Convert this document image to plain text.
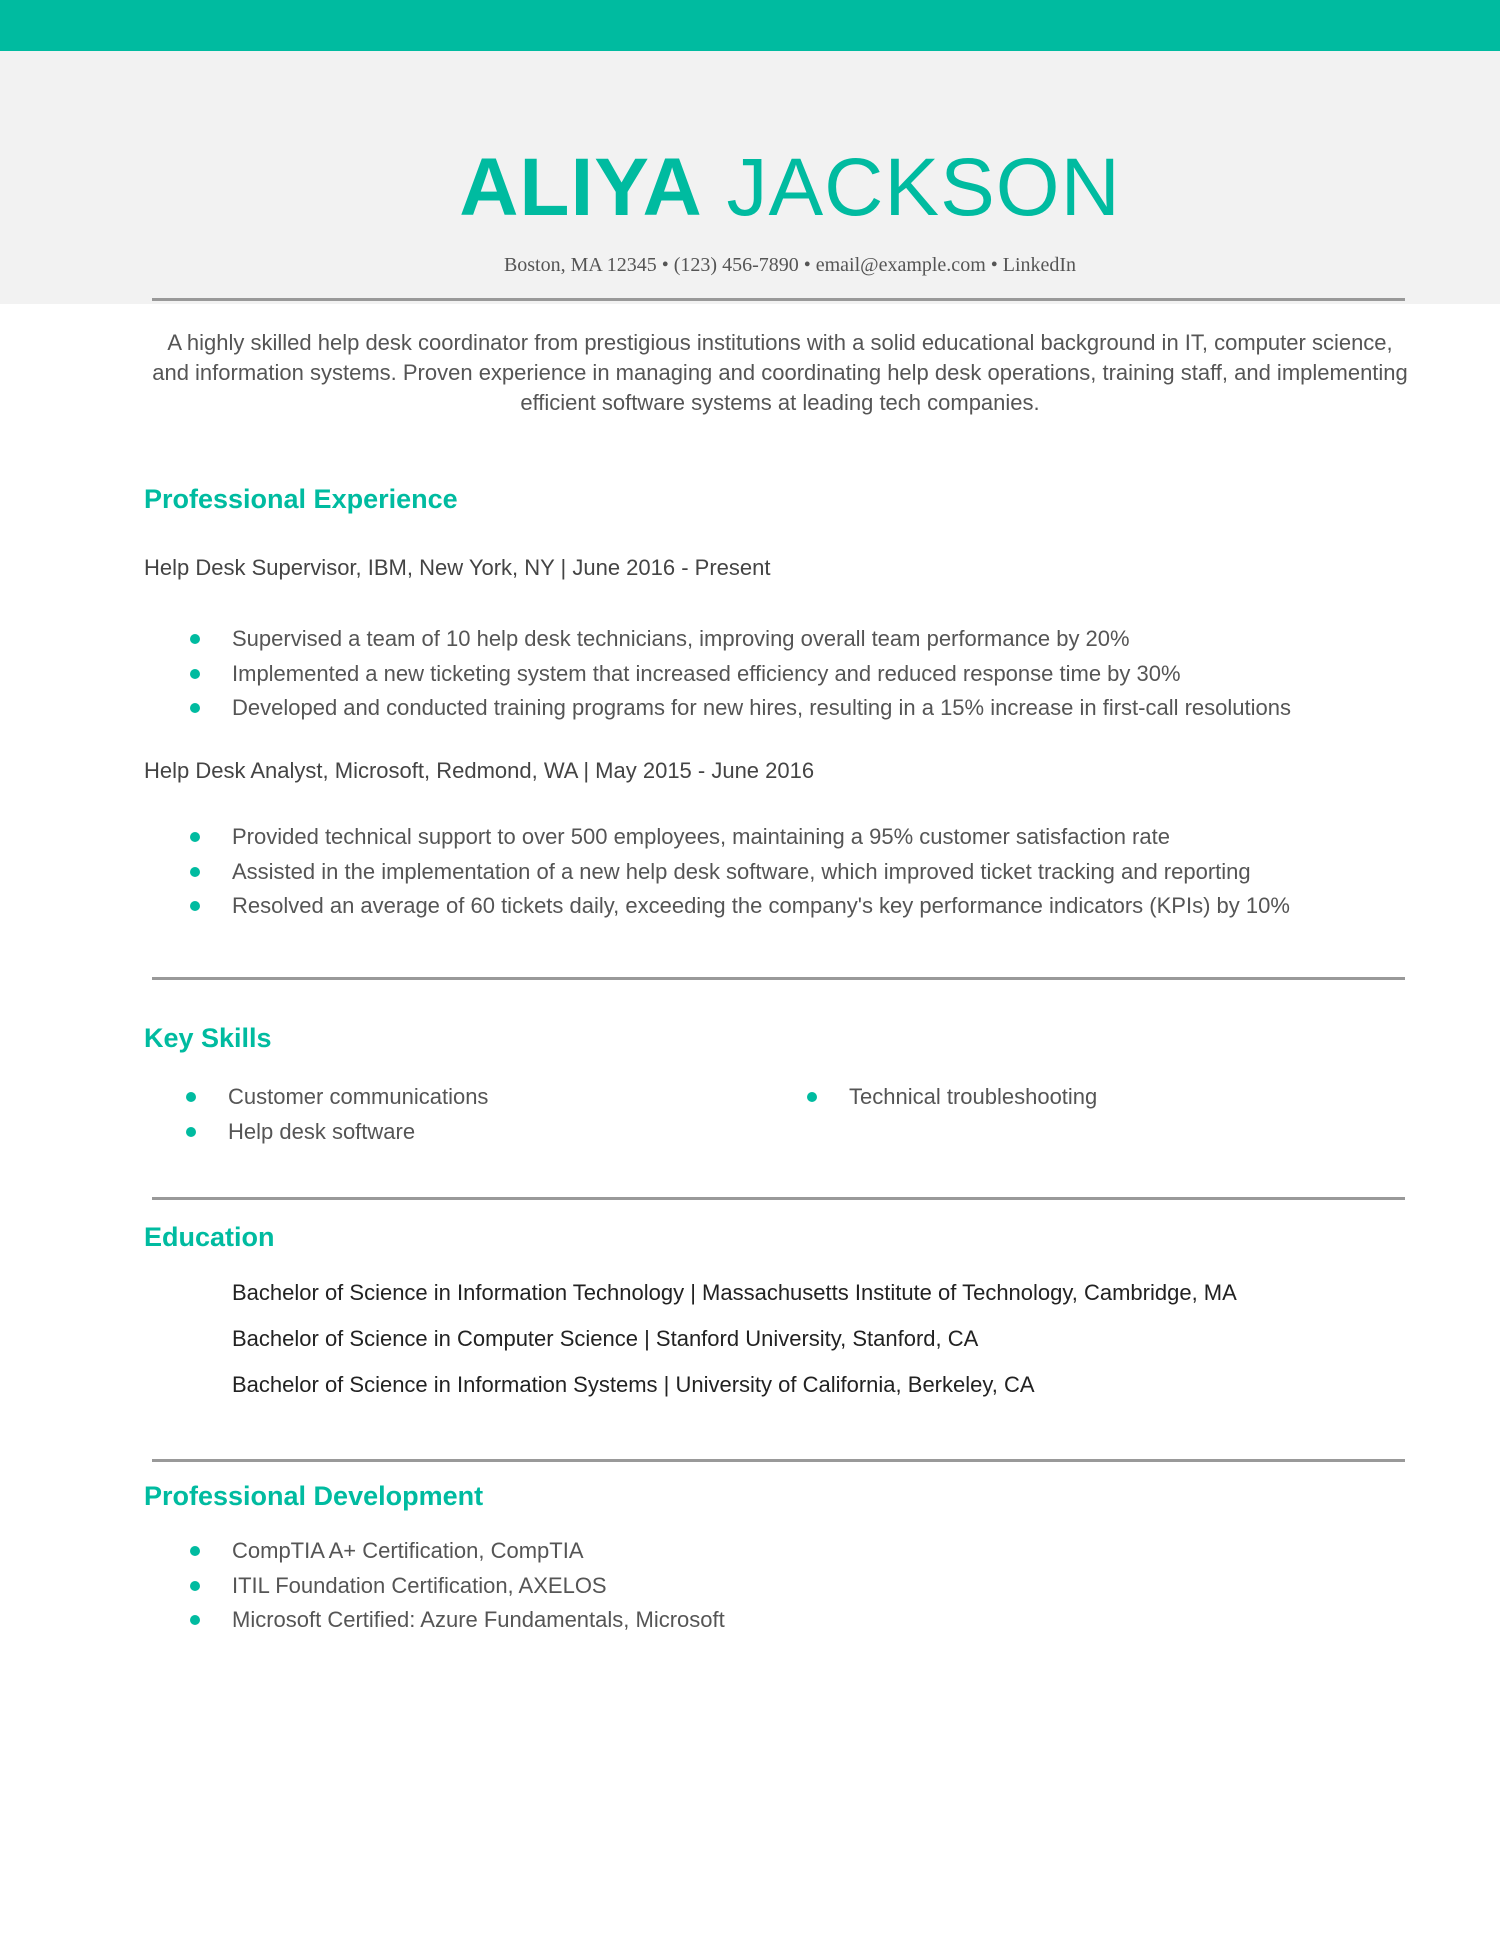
ALIYA JACKSON
Boston, MA 12345 • (123) 456-7890 • email@example.com • LinkedIn
A highly skilled help desk coordinator from prestigious institutions with a solid educational background in IT, computer science, and information systems. Proven experience in managing and coordinating help desk operations, training staff, and implementing efficient software systems at leading tech companies.
Professional Experience
Help Desk Supervisor, IBM, New York, NY | June 2016 - Present
Supervised a team of 10 help desk technicians, improving overall team performance by 20%
Implemented a new ticketing system that increased efficiency and reduced response time by 30%
Developed and conducted training programs for new hires, resulting in a 15% increase in first-call resolutions
Help Desk Analyst, Microsoft, Redmond, WA | May 2015 - June 2016
Provided technical support to over 500 employees, maintaining a 95% customer satisfaction rate
Assisted in the implementation of a new help desk software, which improved ticket tracking and reporting
Resolved an average of 60 tickets daily, exceeding the company's key performance indicators (KPIs) by 10%
Key Skills
Customer communications	Technical troubleshooting
Help desk software
Education
Bachelor of Science in Information Technology | Massachusetts Institute of Technology, Cambridge, MA
Bachelor of Science in Computer Science | Stanford University, Stanford, CA
Bachelor of Science in Information Systems | University of California, Berkeley, CA
Professional Development
CompTIA A+ Certification, CompTIA
ITIL Foundation Certification, AXELOS
Microsoft Certified: Azure Fundamentals, Microsoft
